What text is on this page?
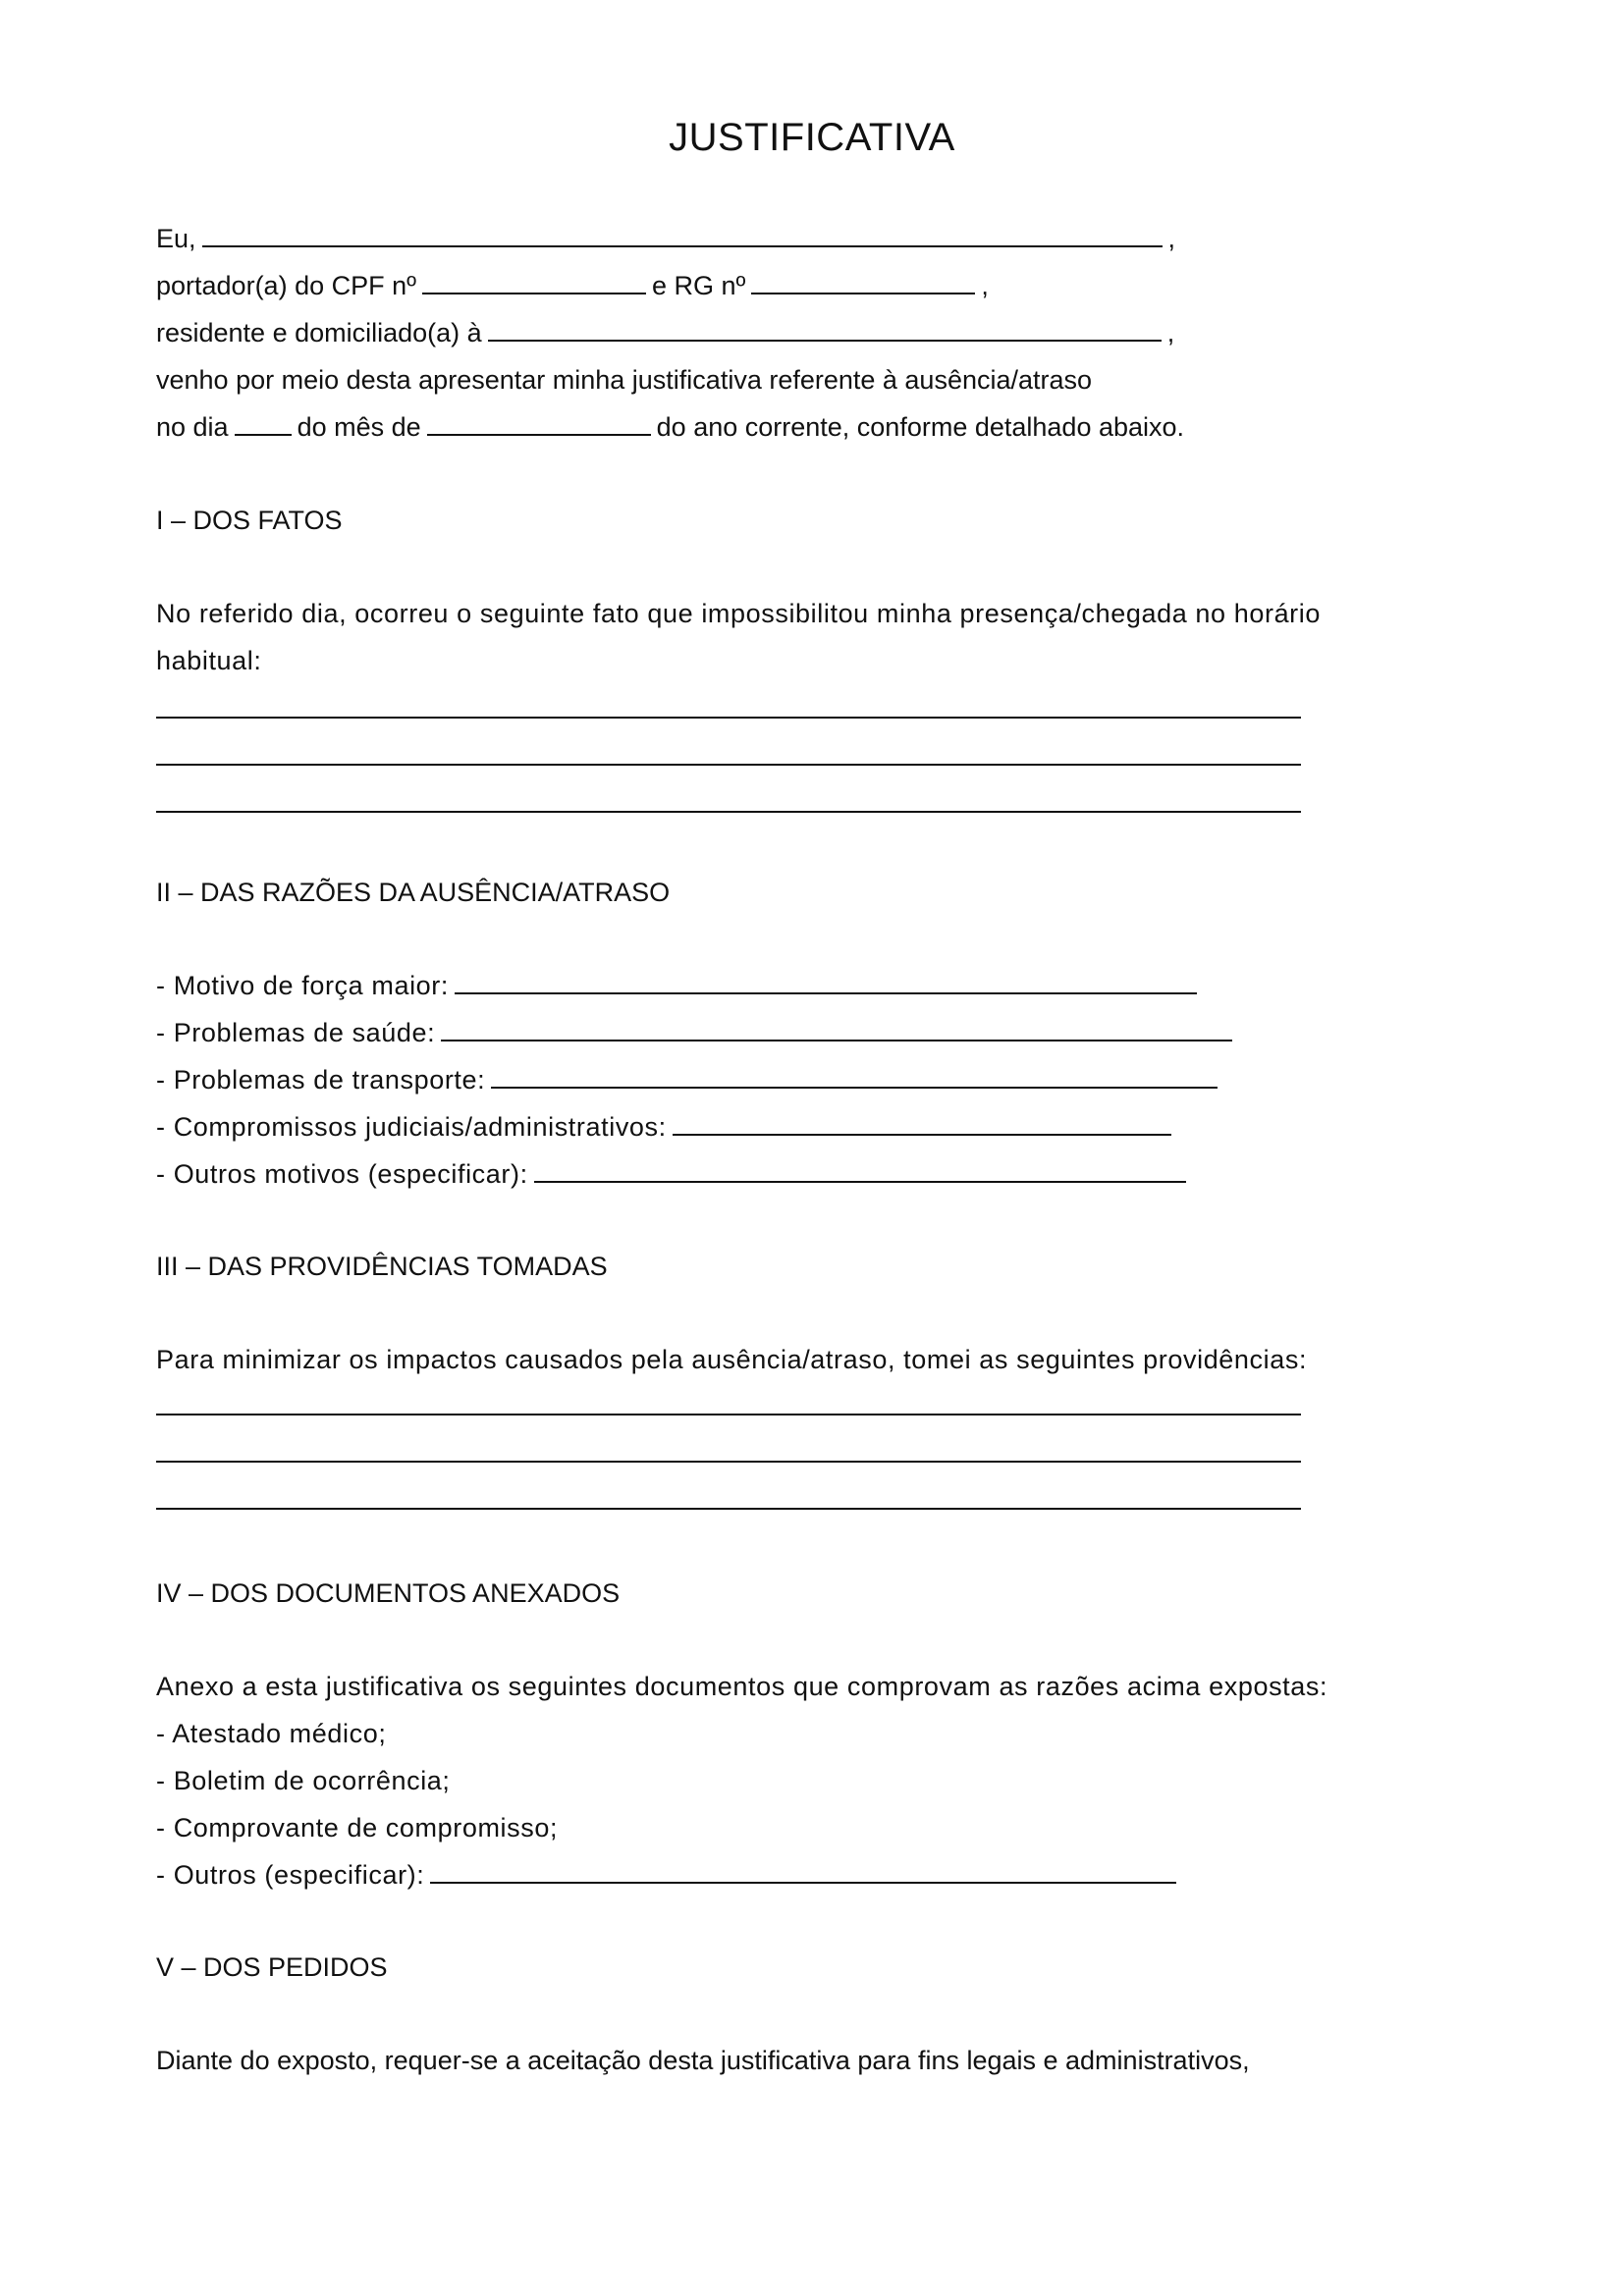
JUSTIFICATIVA
Eu,	,
portador(a) do CPF nº	e RG nº	,
residente e domiciliado(a) à	,
venho por meio desta apresentar minha justificativa referente à ausência/atraso
no dia	do mês de	do ano corrente, conforme detalhado abaixo.
I – DOS FATOS
No referido dia, ocorreu o seguinte fato que impossibilitou minha presença/chegada no horário
habitual:
II – DAS RAZÕES DA AUSÊNCIA/ATRASO
- Motivo de força maior:
- Problemas de saúde:
- Problemas de transporte:
- Compromissos judiciais/administrativos:
- Outros motivos (especificar):
III – DAS PROVIDÊNCIAS TOMADAS
Para minimizar os impactos causados pela ausência/atraso, tomei as seguintes providências:
IV – DOS DOCUMENTOS ANEXADOS
Anexo a esta justificativa os seguintes documentos que comprovam as razões acima expostas:
- Atestado médico;
- Boletim de ocorrência;
- Comprovante de compromisso;
- Outros (especificar):
V – DOS PEDIDOS
Diante do exposto, requer-se a aceitação desta justificativa para fins legais e administrativos,
